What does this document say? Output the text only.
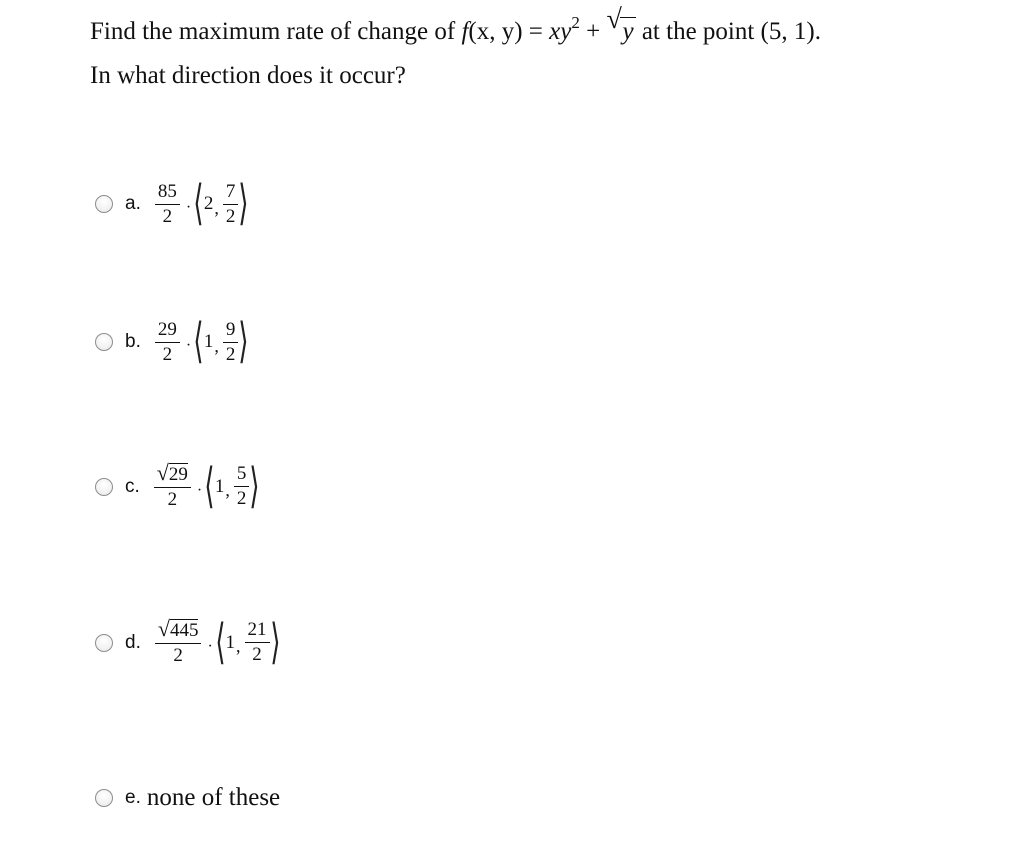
Find the maximum rate of change of f(x, $y) = xy^2$ + √ y at the point (5, 1).
In what direction does it occur?
a. $\frac{85}{2}$ · ⟨ 2 , $\frac{7}{2}$ ⟩
b. $\frac{29}{2}$ · ⟨ 1 , $\frac{9}{2}$ ⟩
c. $\frac{√29}{2}$ · ⟨ 1 , $\frac{5}{2}$ ⟩
d. $\frac{√445}{2}$ · ⟨ 1 , $\frac{21}{2}$ ⟩
e. none of these
